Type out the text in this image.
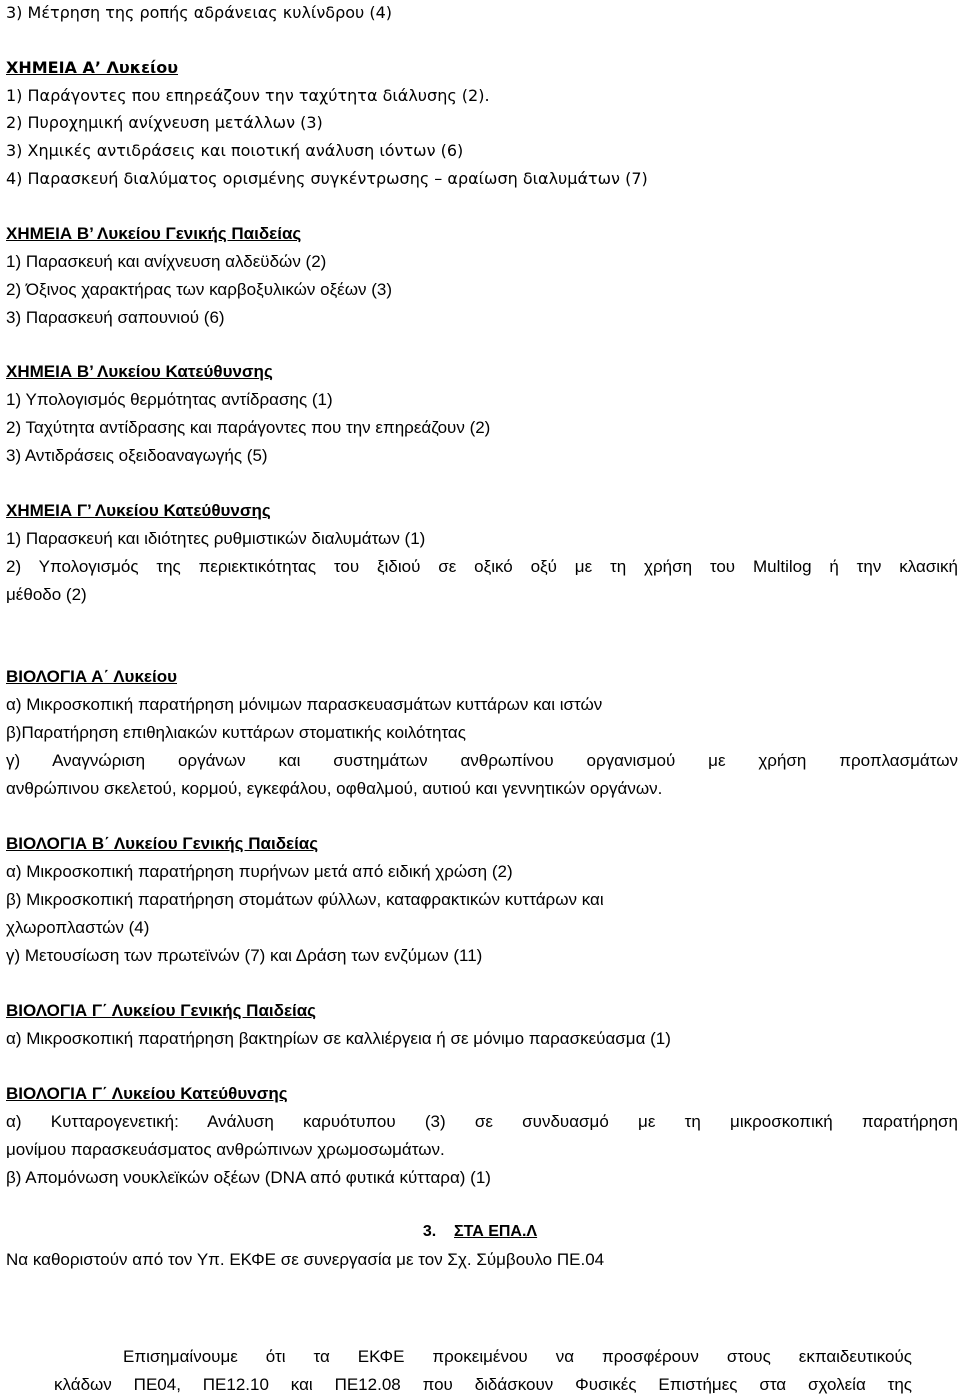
3) Μέτρηση της ροπής αδράνειας κυλίνδρου (4)
ΧΗΜΕΙΑ Α’ Λυκείου
1) Παράγοντες που επηρεάζουν την ταχύτητα διάλυσης (2).
2) Πυροχημική ανίχνευση μετάλλων (3)
3) Χημικές αντιδράσεις και ποιοτική ανάλυση ιόντων (6)
4) Παρασκευή διαλύματος ορισμένης συγκέντρωσης – αραίωση διαλυμάτων (7)
ΧΗΜΕΙΑ Β’ Λυκείου Γενικής Παιδείας
1) Παρασκευή και ανίχνευση αλδεϋδών (2)
2) Όξινος χαρακτήρας των καρβοξυλικών οξέων (3)
3) Παρασκευή σαπουνιού (6)
ΧΗΜΕΙΑ Β’ Λυκείου Κατεύθυνσης
1) Υπολογισμός θερμότητας αντίδρασης (1)
2) Ταχύτητα αντίδρασης και παράγοντες που την επηρεάζουν (2)
3) Αντιδράσεις οξειδοαναγωγής (5)
ΧΗΜΕΙΑ Γ’ Λυκείου Κατεύθυνσης
1) Παρασκευή και ιδιότητες ρυθμιστικών διαλυμάτων (1)
2) Υπολογισμός της περιεκτικότητας του ξιδιού σε οξικό οξύ με τη χρήση του Multilog ή την κλασική
μέθοδο (2)
ΒΙΟΛΟΓΙΑ Α΄ Λυκείου
α) Μικροσκοπική παρατήρηση μόνιμων παρασκευασμάτων κυττάρων και ιστών
β)Παρατήρηση επιθηλιακών κυττάρων στοματικής κοιλότητας
γ) Αναγνώριση οργάνων και συστημάτων ανθρωπίνου οργανισμού με χρήση προπλασμάτων
ανθρώπινου σκελετού, κορμού, εγκεφάλου, οφθαλμού, αυτιού και γεννητικών οργάνων.
ΒΙΟΛΟΓΙΑ Β΄ Λυκείου Γενικής Παιδείας
α) Μικροσκοπική παρατήρηση πυρήνων μετά από ειδική χρώση (2)
β) Μικροσκοπική παρατήρηση στομάτων φύλλων, καταφρακτικών κυττάρων και
χλωροπλαστών (4)
γ) Μετουσίωση των πρωτεϊνών (7) και Δράση των ενζύμων (11)
ΒΙΟΛΟΓΙΑ Γ΄ Λυκείου Γενικής Παιδείας
α) Μικροσκοπική παρατήρηση βακτηρίων σε καλλιέργεια ή σε μόνιμο παρασκεύασμα (1)
ΒΙΟΛΟΓΙΑ Γ΄ Λυκείου Κατεύθυνσης
α) Κυτταρογενετική: Ανάλυση καρυότυπου (3) σε συνδυασμό με τη μικροσκοπική παρατήρηση
μονίμου παρασκευάσματος ανθρώπινων χρωμοσωμάτων.
β) Απομόνωση νουκλεϊκών οξέων (DNA από φυτικά κύτταρα) (1)
3. ΣΤΑ ΕΠΑ.Λ
Να καθοριστούν από τον Υπ. ΕΚΦΕ σε συνεργασία με τον Σχ. Σύμβουλο ΠΕ.04
Επισημαίνουμε ότι τα ΕΚΦΕ προκειμένου να προσφέρουν στους εκπαιδευτικούς
κλάδων ΠΕ04, ΠΕ12.10 και ΠΕ12.08 που διδάσκουν Φυσικές Επιστήμες στα σχολεία της
